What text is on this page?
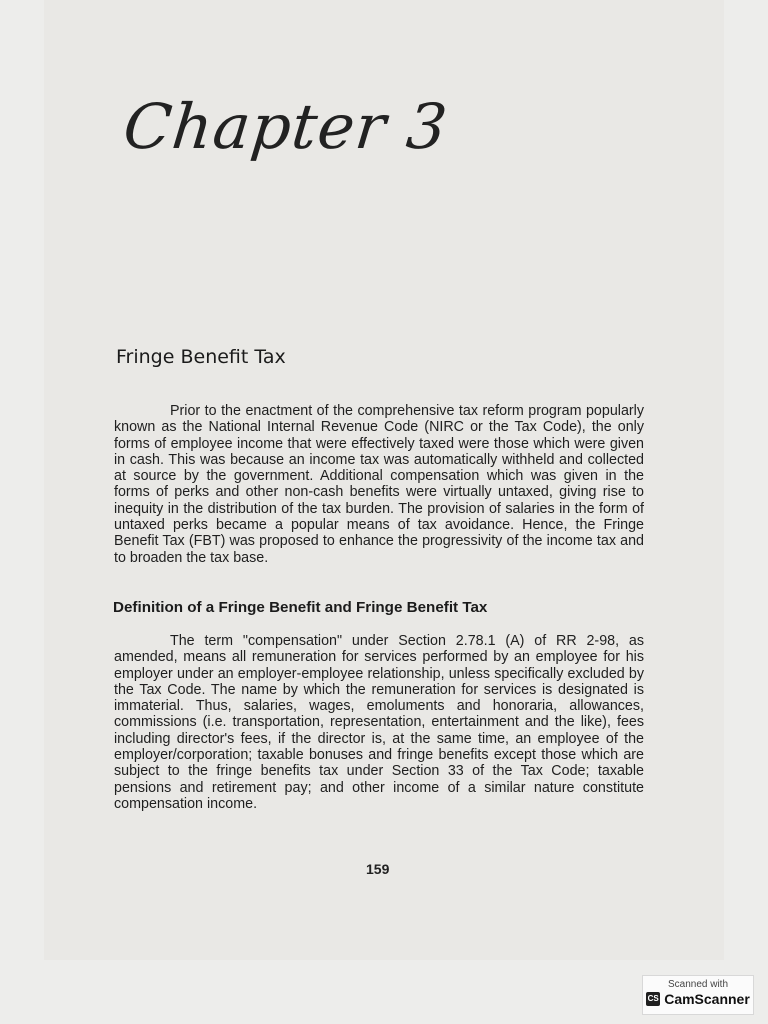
Chapter 3
Fringe Benefit Tax
Prior to the enactment of the comprehensive tax reform program popularly known as the National Internal Revenue Code (NIRC or the Tax Code), the only forms of employee income that were effectively taxed were those which were given in cash. This was because an income tax was automatically withheld and collected at source by the government. Additional compensation which was given in the forms of perks and other non-cash benefits were virtually untaxed, giving rise to inequity in the distribution of the tax burden. The provision of salaries in the form of untaxed perks became a popular means of tax avoidance. Hence, the Fringe Benefit Tax (FBT) was proposed to enhance the progressivity of the income tax and to broaden the tax base.
Definition of a Fringe Benefit and Fringe Benefit Tax
The term "compensation" under Section 2.78.1 (A) of RR 2-98, as amended, means all remuneration for services performed by an employee for his employer under an employer-employee relationship, unless specifically excluded by the Tax Code. The name by which the remuneration for services is designated is immaterial. Thus, salaries, wages, emoluments and honoraria, allowances, commissions (i.e. transportation, representation, entertainment and the like), fees including director's fees, if the director is, at the same time, an employee of the employer/corporation; taxable bonuses and fringe benefits except those which are subject to the fringe benefits tax under Section 33 of the Tax Code; taxable pensions and retirement pay; and other income of a similar nature constitute compensation income.
159
Scanned with
CS CamScanner
